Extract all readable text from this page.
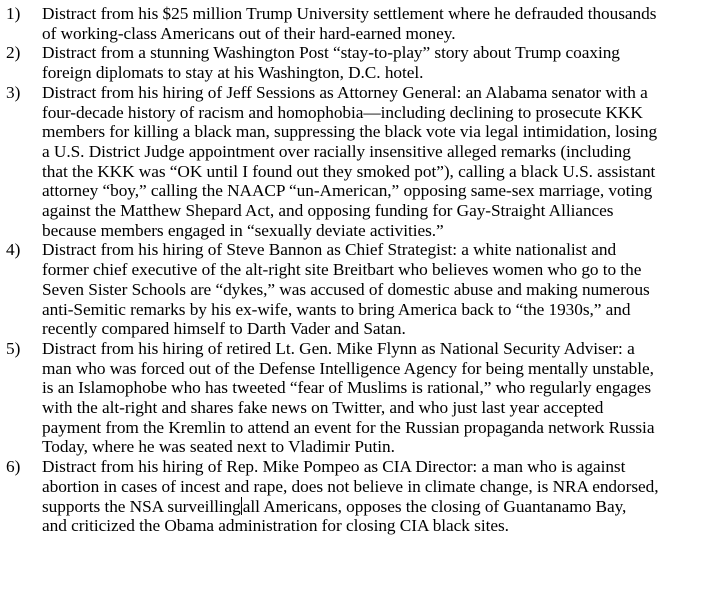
1)	Distract from his $25 million Trump University settlement where he defrauded thousands
of working-class Americans out of their hard-earned money.
2)	Distract from a stunning Washington Post “stay-to-play” story about Trump coaxing
foreign diplomats to stay at his Washington, D.C. hotel.
3)	Distract from his hiring of Jeff Sessions as Attorney General: an Alabama senator with a
four-decade history of racism and homophobia—including declining to prosecute KKK
members for killing a black man, suppressing the black vote via legal intimidation, losing
a U.S. District Judge appointment over racially insensitive alleged remarks (including
that the KKK was “OK until I found out they smoked pot”), calling a black U.S. assistant
attorney “boy,” calling the NAACP “un-American,” opposing same-sex marriage, voting
against the Matthew Shepard Act, and opposing funding for Gay-Straight Alliances
because members engaged in “sexually deviate activities.”
4)	Distract from his hiring of Steve Bannon as Chief Strategist: a white nationalist and
former chief executive of the alt-right site Breitbart who believes women who go to the
Seven Sister Schools are “dykes,” was accused of domestic abuse and making numerous
anti-Semitic remarks by his ex-wife, wants to bring America back to “the 1930s,” and
recently compared himself to Darth Vader and Satan.
5)	Distract from his hiring of retired Lt. Gen. Mike Flynn as National Security Adviser: a
man who was forced out of the Defense Intelligence Agency for being mentally unstable,
is an Islamophobe who has tweeted “fear of Muslims is rational,” who regularly engages
with the alt-right and shares fake news on Twitter, and who just last year accepted
payment from the Kremlin to attend an event for the Russian propaganda network Russia
Today, where he was seated next to Vladimir Putin.
6)	Distract from his hiring of Rep. Mike Pompeo as CIA Director: a man who is against
abortion in cases of incest and rape, does not believe in climate change, is NRA endorsed,
supports the NSA surveilling all Americans, opposes the closing of Guantanamo Bay,
and criticized the Obama administration for closing CIA black sites.
